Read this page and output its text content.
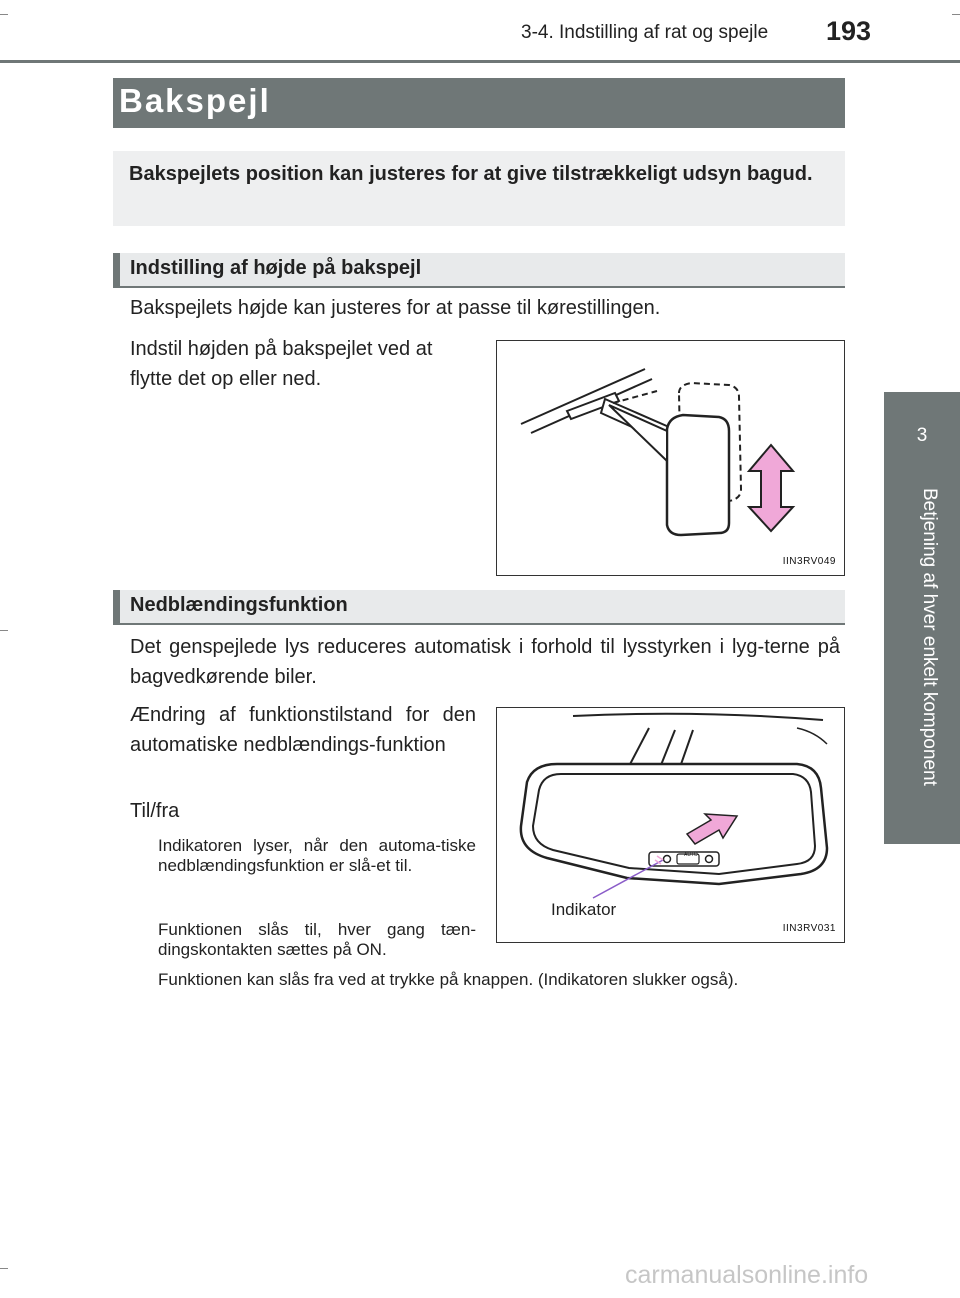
3-4. Indstilling af rat og spejle 193
3
Betjening af hver enkelt komponent
Bakspejl

Bakspejlets position kan justeres for at give tilstrækkeligt udsyn bagud.

Indstilling af højde på bakspejl
Bakspejlets højde kan justeres for at passe til kørestillingen.
Indstil højden på bakspejlet ved at flytte det op eller ned.
IIN3RV049
Nedblændingsfunktion
Det genspejlede lys reduceres automatisk i forhold til lysstyrken i lyg-terne på bagvedkørende biler.
Ændring af funktionstilstand for den automatiske nedblændings-funktion
Til/fra
Indikatoren lyser, når den automa-tiske nedblændingsfunktion er slå-et til.
Funktionen slås til, hver gang tæn-dingskontakten sættes på ON.
Funktionen kan slås fra ved at trykke på knappen. (Indikatoren slukker også).
AUTO
Indikator
IIN3RV031
carmanualsonline.info
